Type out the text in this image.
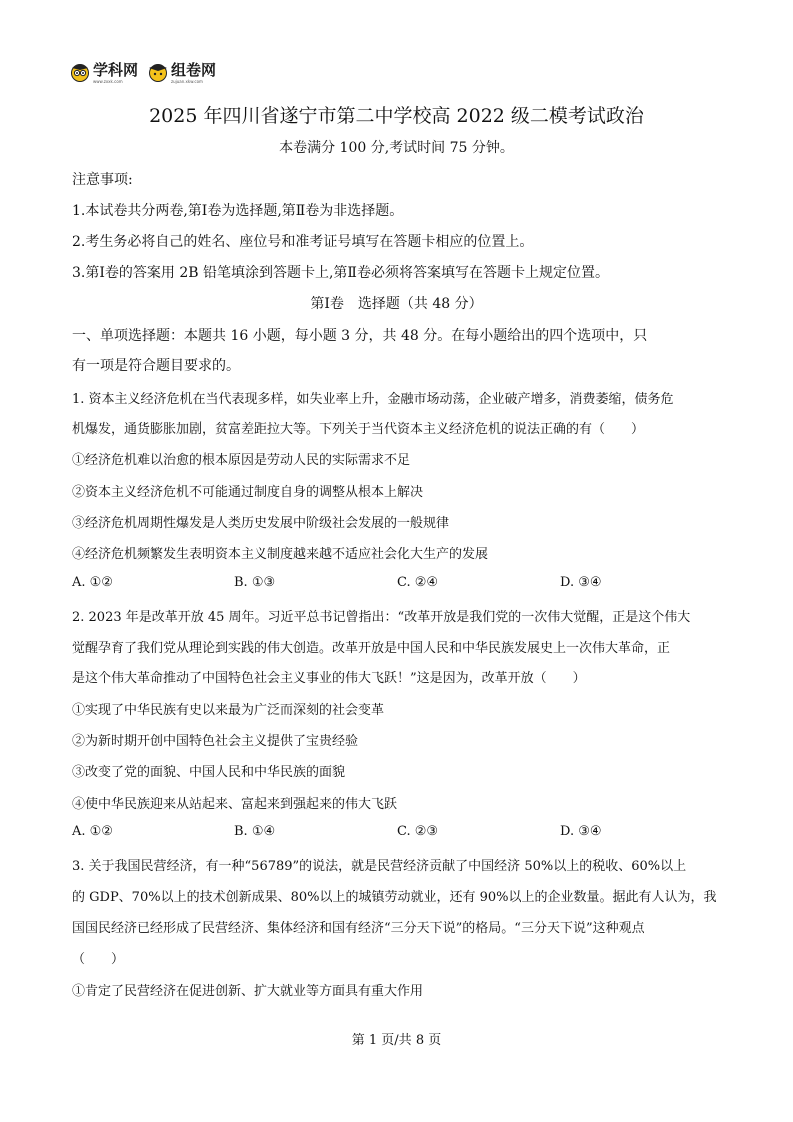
学科网
www.zxxk.com
组卷网
zujuan.xkw.com
2025 年四川省遂宁市第二中学校高 2022 级二模考试政治
本卷满分 100 分,考试时间 75 分钟。
注意事项:
1.本试卷共分两卷,第Ⅰ卷为选择题,第Ⅱ卷为非选择题。
2.考生务必将自己的姓名、座位号和准考证号填写在答题卡相应的位置上。
3.第Ⅰ卷的答案用 2B 铅笔填涂到答题卡上,第Ⅱ卷必须将答案填写在答题卡上规定位置。
第Ⅰ卷　选择题（共 48 分）
一、单项选择题：本题共 16 小题，每小题 3 分，共 48 分。在每小题给出的四个选项中，只
有一项是符合题目要求的。
1. 资本主义经济危机在当代表现多样，如失业率上升，金融市场动荡，企业破产增多，消费萎缩，债务危
机爆发，通货膨胀加剧，贫富差距拉大等。下列关于当代资本主义经济危机的说法正确的有（　　）
①经济危机难以治愈的根本原因是劳动人民的实际需求不足
②资本主义经济危机不可能通过制度自身的调整从根本上解决
③经济危机周期性爆发是人类历史发展中阶级社会发展的一般规律
④经济危机频繁发生表明资本主义制度越来越不适应社会化大生产的发展
A. ①②	B. ①③	C. ②④	D. ③④
2. 2023 年是改革开放 45 周年。习近平总书记曾指出：“改革开放是我们党的一次伟大觉醒，正是这个伟大
觉醒孕育了我们党从理论到实践的伟大创造。改革开放是中国人民和中华民族发展史上一次伟大革命，正
是这个伟大革命推动了中国特色社会主义事业的伟大飞跃！”这是因为，改革开放（　　）
①实现了中华民族有史以来最为广泛而深刻的社会变革
②为新时期开创中国特色社会主义提供了宝贵经验
③改变了党的面貌、中国人民和中华民族的面貌
④使中华民族迎来从站起来、富起来到强起来的伟大飞跃
A. ①②	B. ①④	C. ②③	D. ③④
3. 关于我国民营经济，有一种“56789”的说法，就是民营经济贡献了中国经济 50%以上的税收、60%以上
的 GDP、70%以上的技术创新成果、80%以上的城镇劳动就业，还有 90%以上的企业数量。据此有人认为，我
国国民经济已经形成了民营经济、集体经济和国有经济“三分天下说”的格局。“三分天下说”这种观点
（　　）
①肯定了民营经济在促进创新、扩大就业等方面具有重大作用
第 1 页/共 8 页
